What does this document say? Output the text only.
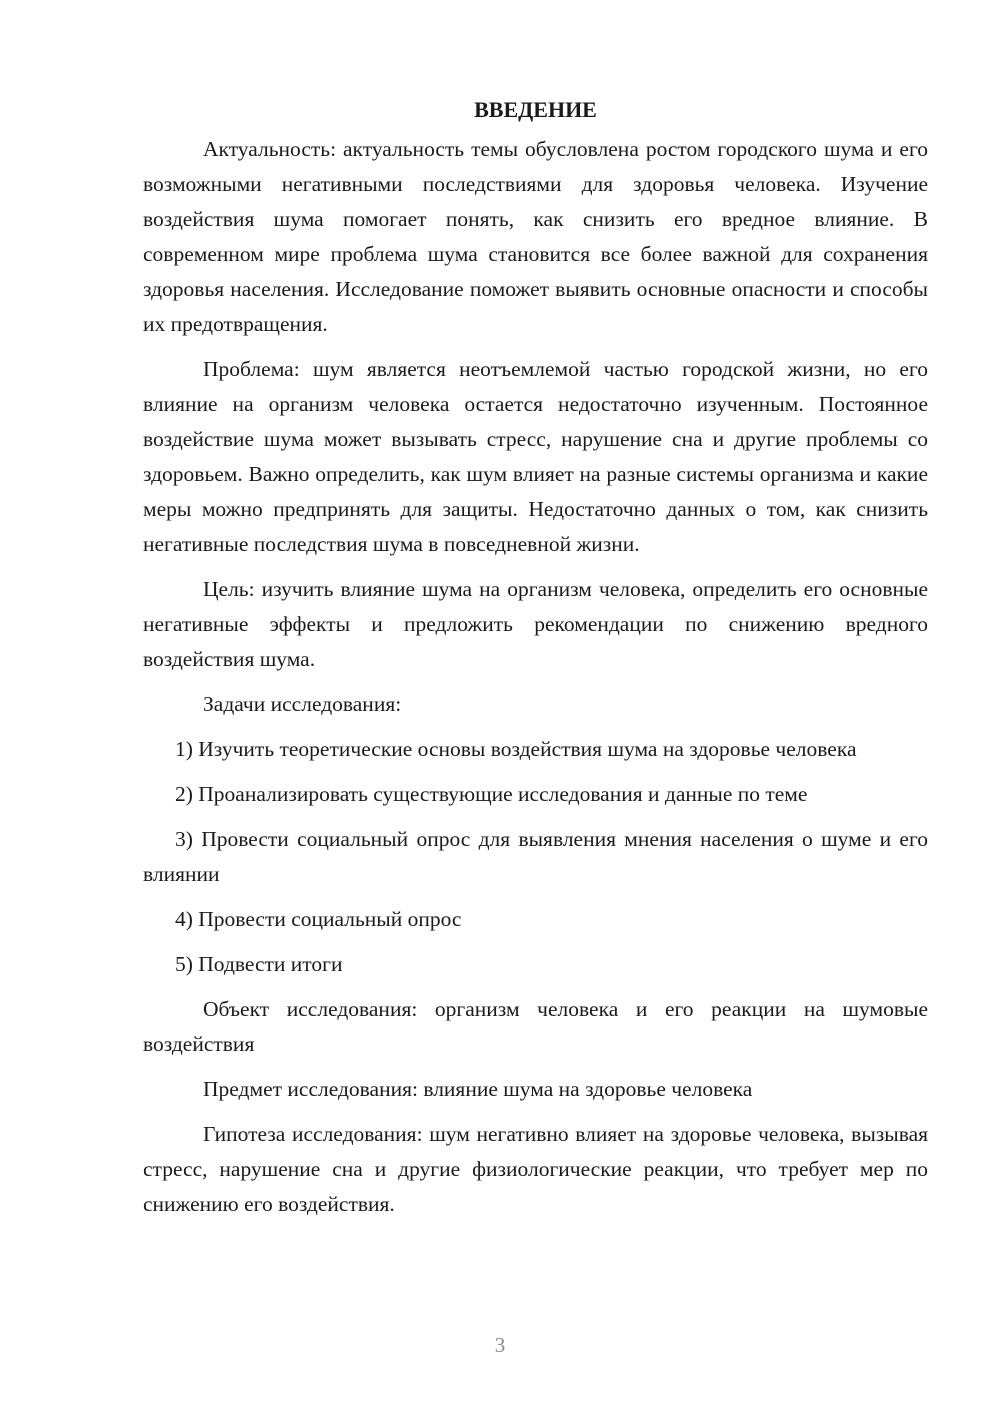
ВВЕДЕНИЕ

Актуальность: актуальность темы обусловлена ростом городского шума и его возможными негативными последствиями для здоровья человека. Изучение воздействия шума помогает понять, как снизить его вредное влияние. В современном мире проблема шума становится все более важной для сохранения здоровья населения. Исследование поможет выявить основные опасности и способы их предотвращения.

Проблема: шум является неотъемлемой частью городской жизни, но его влияние на организм человека остается недостаточно изученным. Постоянное воздействие шума может вызывать стресс, нарушение сна и другие проблемы со здоровьем. Важно определить, как шум влияет на разные системы организма и какие меры можно предпринять для защиты. Недостаточно данных о том, как снизить негативные последствия шума в повседневной жизни.

Цель: изучить влияние шума на организм человека, определить его основные негативные эффекты и предложить рекомендации по снижению вредного воздействия шума.

Задачи исследования:

1) Изучить теоретические основы воздействия шума на здоровье человека

2) Проанализировать существующие исследования и данные по теме

3) Провести социальный опрос для выявления мнения населения о шуме и его влиянии

4) Провести социальный опрос

5) Подвести итоги

Объект исследования: организм человека и его реакции на шумовые воздействия

Предмет исследования: влияние шума на здоровье человека

Гипотеза исследования: шум негативно влияет на здоровье человека, вызывая стресс, нарушение сна и другие физиологические реакции, что требует мер по снижению его воздействия.

3
